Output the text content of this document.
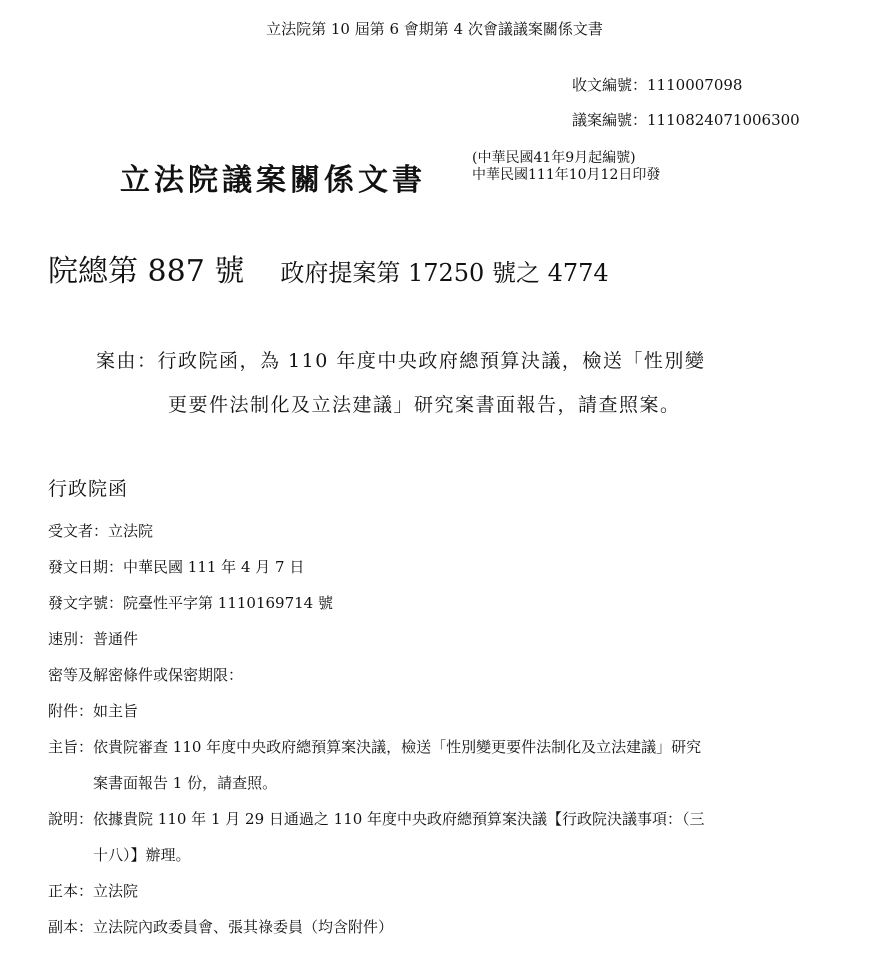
立法院第 10 屆第 6 會期第 4 次會議議案關係文書
收文編號：1110007098
議案編號：1110824071006300
立法院議案關係文書
(中華民國41年9月起編號)
中華民國111年10月12日印發
院總第 887 號 政府提案第 17250 號之 4774
案由：行政院函，為 110 年度中央政府總預算決議，檢送「性別變
更要件法制化及立法建議」研究案書面報告，請查照案。
行政院函
受文者： 立法院
發文日期： 中華民國 111 年 4 月 7 日
發文字號： 院臺性平字第 1110169714 號
速別： 普通件
密等及解密條件或保密期限：
附件： 如主旨
主旨： 依貴院審查 110 年度中央政府總預算案決議，檢送「性別變更要件法制化及立法建議」研究
案書面報告 1 份，請查照。
說明： 依據貴院 110 年 1 月 29 日通過之 110 年度中央政府總預算案決議【行政院決議事項：（三
十八）】辦理。
正本： 立法院
副本： 立法院內政委員會、張其祿委員（均含附件）
